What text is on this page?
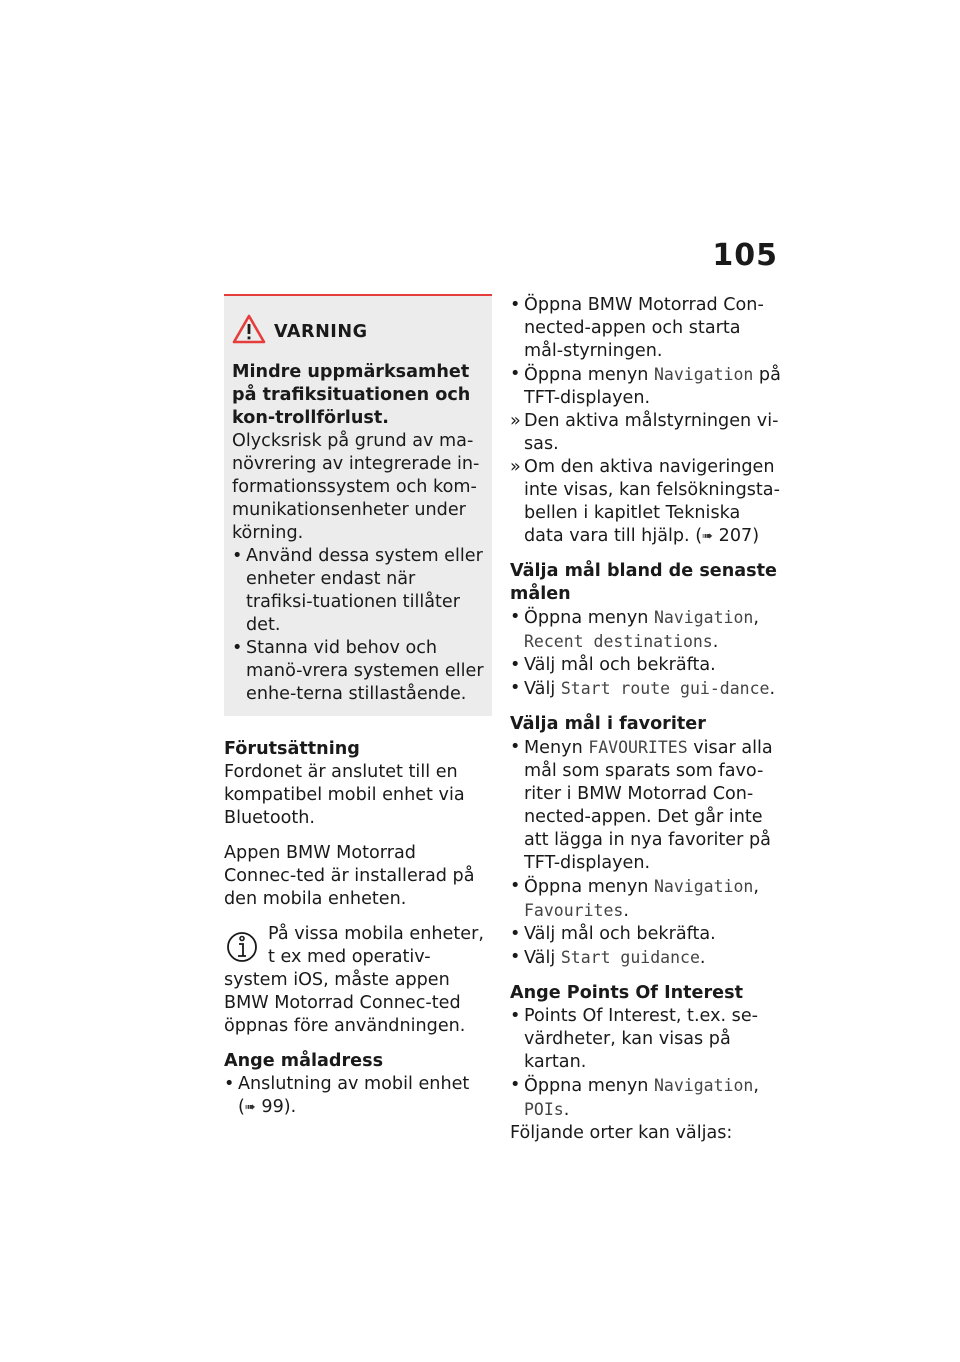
105
VARNING
Mindre uppmärksamhet på trafiksituationen och kon-trollförlust.
Olycksrisk på grund av ma-növrering av integrerade in-formationssystem och kom-munikationsenheter under körning.
• Använd dessa system eller enheter endast när trafiksi-tuationen tillåter det.
• Stanna vid behov och manö-vrera systemen eller enhe-terna stillastående.
Förutsättning
Fordonet är anslutet till en kompatibel mobil enhet via Bluetooth.
Appen BMW Motorrad Connec-ted är installerad på den mobila enheten.
På vissa mobila enheter, t ex med operativ-
system iOS, måste appen BMW Motorrad Connec-ted öppnas före användningen.
Ange måladress
• Anslutning av mobil enhet
(➠ 99).
• Öppna BMW Motorrad Con-nected-appen och starta mål-styrningen.
• Öppna menyn Navigation på TFT-displayen.
» Den aktiva målstyrningen vi-sas.
» Om den aktiva navigeringen inte visas, kan felsökningsta-bellen i kapitlet Tekniska data vara till hjälp. (➠ 207)
Välja mål bland de senaste målen
• Öppna menyn Navigation, Recent destinations.
• Välj mål och bekräfta.
• Välj Start route gui-dance.
Välja mål i favoriter
• Menyn FAVOURITES visar alla mål som sparats som favo-riter i BMW Motorrad Con-nected-appen. Det går inte att lägga in nya favoriter på TFT-displayen.
• Öppna menyn Navigation, Favourites.
• Välj mål och bekräfta.
• Välj Start guidance.
Ange Points Of Interest
• Points Of Interest, t.ex. se-värdheter, kan visas på kartan.
• Öppna menyn Navigation, POIs.
Följande orter kan väljas:
